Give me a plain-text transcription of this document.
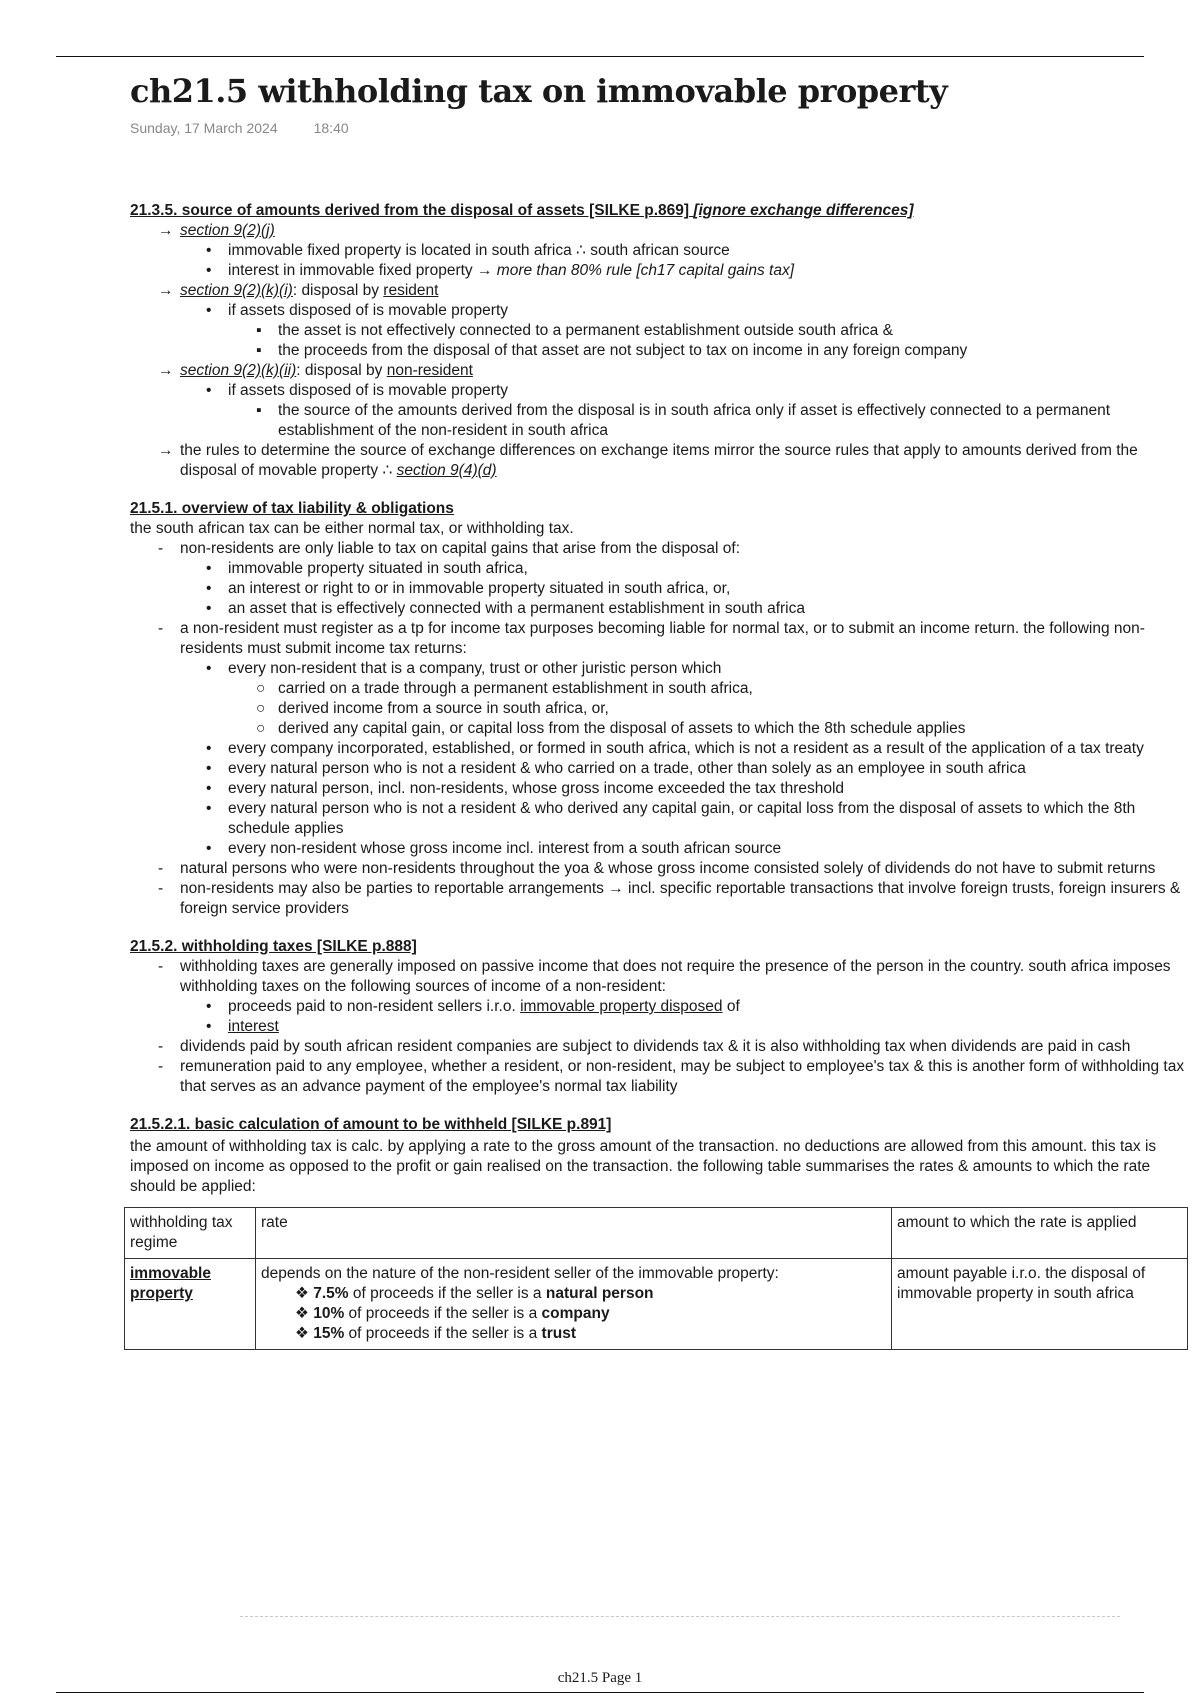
ch21.5 withholding tax on immovable property
Sunday, 17 March 2024	18:40
21.3.5. source of amounts derived from the disposal of assets [SILKE p.869] [ignore exchange differences]
→ section 9(2)(j)
• immovable fixed property is located in south africa ∴ south african source
• interest in immovable fixed property → more than 80% rule [ch17 capital gains tax]
→ section 9(2)(k)(i): disposal by resident
• if assets disposed of is movable property
▪ the asset is not effectively connected to a permanent establishment outside south africa &
▪ the proceeds from the disposal of that asset are not subject to tax on income in any foreign company
→ section 9(2)(k)(ii): disposal by non-resident
• if assets disposed of is movable property
▪ the source of the amounts derived from the disposal is in south africa only if asset is effectively connected to a permanent establishment of the non-resident in south africa
→ the rules to determine the source of exchange differences on exchange items mirror the source rules that apply to amounts derived from the disposal of movable property ∴ section 9(4)(d)
21.5.1. overview of tax liability & obligations
the south african tax can be either normal tax, or withholding tax.
- non-residents are only liable to tax on capital gains that arise from the disposal of:
• immovable property situated in south africa,
• an interest or right to or in immovable property situated in south africa, or,
• an asset that is effectively connected with a permanent establishment in south africa
- a non-resident must register as a tp for income tax purposes becoming liable for normal tax, or to submit an income return. the following non-residents must submit income tax returns:
• every non-resident that is a company, trust or other juristic person which
○ carried on a trade through a permanent establishment in south africa,
○ derived income from a source in south africa, or,
○ derived any capital gain, or capital loss from the disposal of assets to which the 8th schedule applies
• every company incorporated, established, or formed in south africa, which is not a resident as a result of the application of a tax treaty
• every natural person who is not a resident & who carried on a trade, other than solely as an employee in south africa
• every natural person, incl. non-residents, whose gross income exceeded the tax threshold
• every natural person who is not a resident & who derived any capital gain, or capital loss from the disposal of assets to which the 8th schedule applies
• every non-resident whose gross income incl. interest from a south african source
- natural persons who were non-residents throughout the yoa & whose gross income consisted solely of dividends do not have to submit returns
- non-residents may also be parties to reportable arrangements → incl. specific reportable transactions that involve foreign trusts, foreign insurers & foreign service providers
21.5.2. withholding taxes [SILKE p.888]
- withholding taxes are generally imposed on passive income that does not require the presence of the person in the country. south africa imposes withholding taxes on the following sources of income of a non-resident:
• proceeds paid to non-resident sellers i.r.o. immovable property disposed of
• interest
- dividends paid by south african resident companies are subject to dividends tax & it is also withholding tax when dividends are paid in cash
- remuneration paid to any employee, whether a resident, or non-resident, may be subject to employee's tax & this is another form of withholding tax that serves as an advance payment of the employee's normal tax liability
21.5.2.1. basic calculation of amount to be withheld [SILKE p.891]
the amount of withholding tax is calc. by applying a rate to the gross amount of the transaction. no deductions are allowed from this amount. this tax is imposed on income as opposed to the profit or gain realised on the transaction. the following table summarises the rates & amounts to which the rate should be applied:
withholding tax regime	rate	amount to which the rate is applied
immovable property	depends on the nature of the non-resident seller of the immovable property:
❖ 7.5% of proceeds if the seller is a natural person
❖ 10% of proceeds if the seller is a company
❖ 15% of proceeds if the seller is a trust	amount payable i.r.o. the disposal of immovable property in south africa
ch21.5 Page 1
